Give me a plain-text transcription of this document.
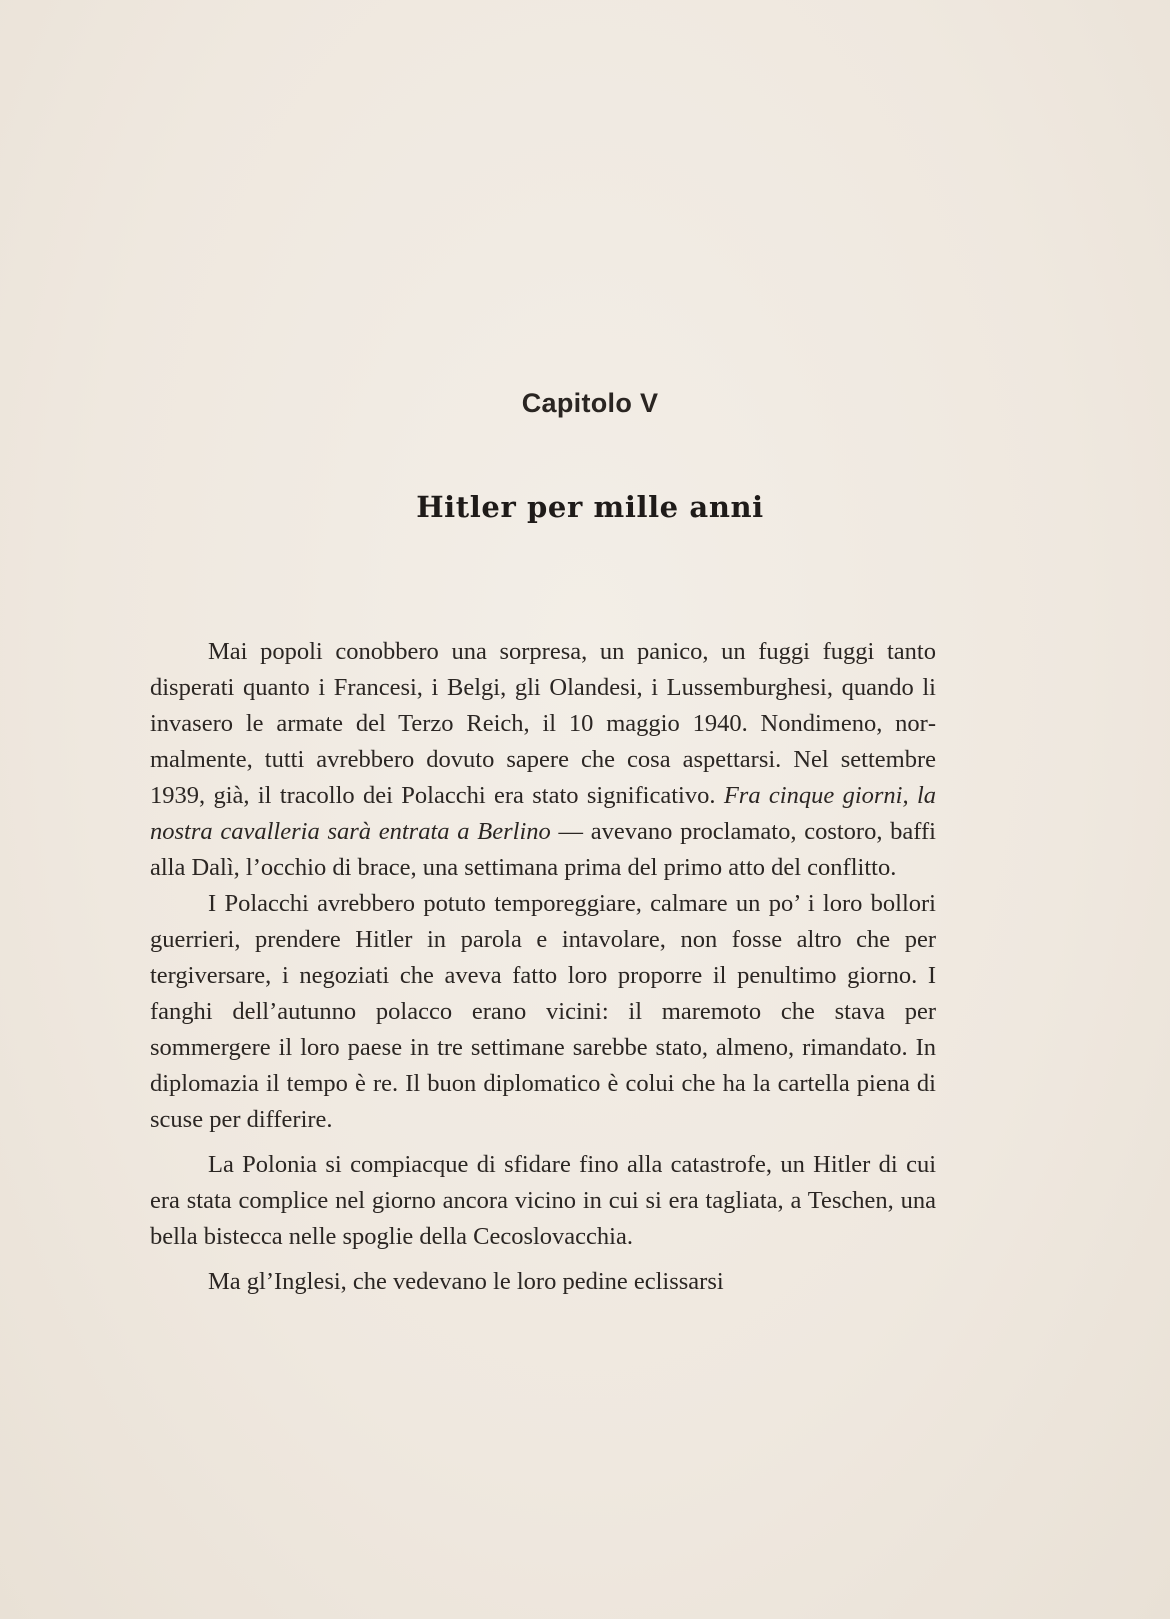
Capitolo V
Hitler per mille anni

Mai popoli conobbero una sorpresa, un panico, un fuggi fuggi tanto disperati quanto i Francesi, i Belgi, gli Olandesi, i Lussemburghesi, quando li invasero le armate del Terzo Reich, il 10 maggio 1940. Nondimeno, normalmente, tutti avrebbero dovuto sapere che cosa aspettarsi. Nel settembre 1939, già, il tracollo dei Polacchi era stato significativo. Fra cinque giorni, la nostra cavalleria sarà entrata a Berlino — avevano proclamato, costoro, baffi alla Dalì, l’occhio di brace, una settimana prima del primo atto del conflitto.

I Polacchi avrebbero potuto temporeggiare, calmare un po’ i loro bollori guerrieri, prendere Hitler in parola e intavolare, non fosse altro che per tergiversare, i negoziati che aveva fatto loro proporre il penultimo giorno. I fanghi dell’autunno polacco erano vicini: il maremoto che stava per sommergere il loro paese in tre settimane sarebbe stato, almeno, rimandato. In diplomazia il tempo è re. Il buon diplomatico è colui che ha la cartella piena di scuse per differire.

La Polonia si compiacque di sfidare fino alla catastrofe, un Hitler di cui era stata complice nel giorno ancora vicino in cui si era tagliata, a Teschen, una bella bistecca nelle spoglie della Cecoslovacchia.

Ma gl’Inglesi, che vedevano le loro pedine eclissarsi
